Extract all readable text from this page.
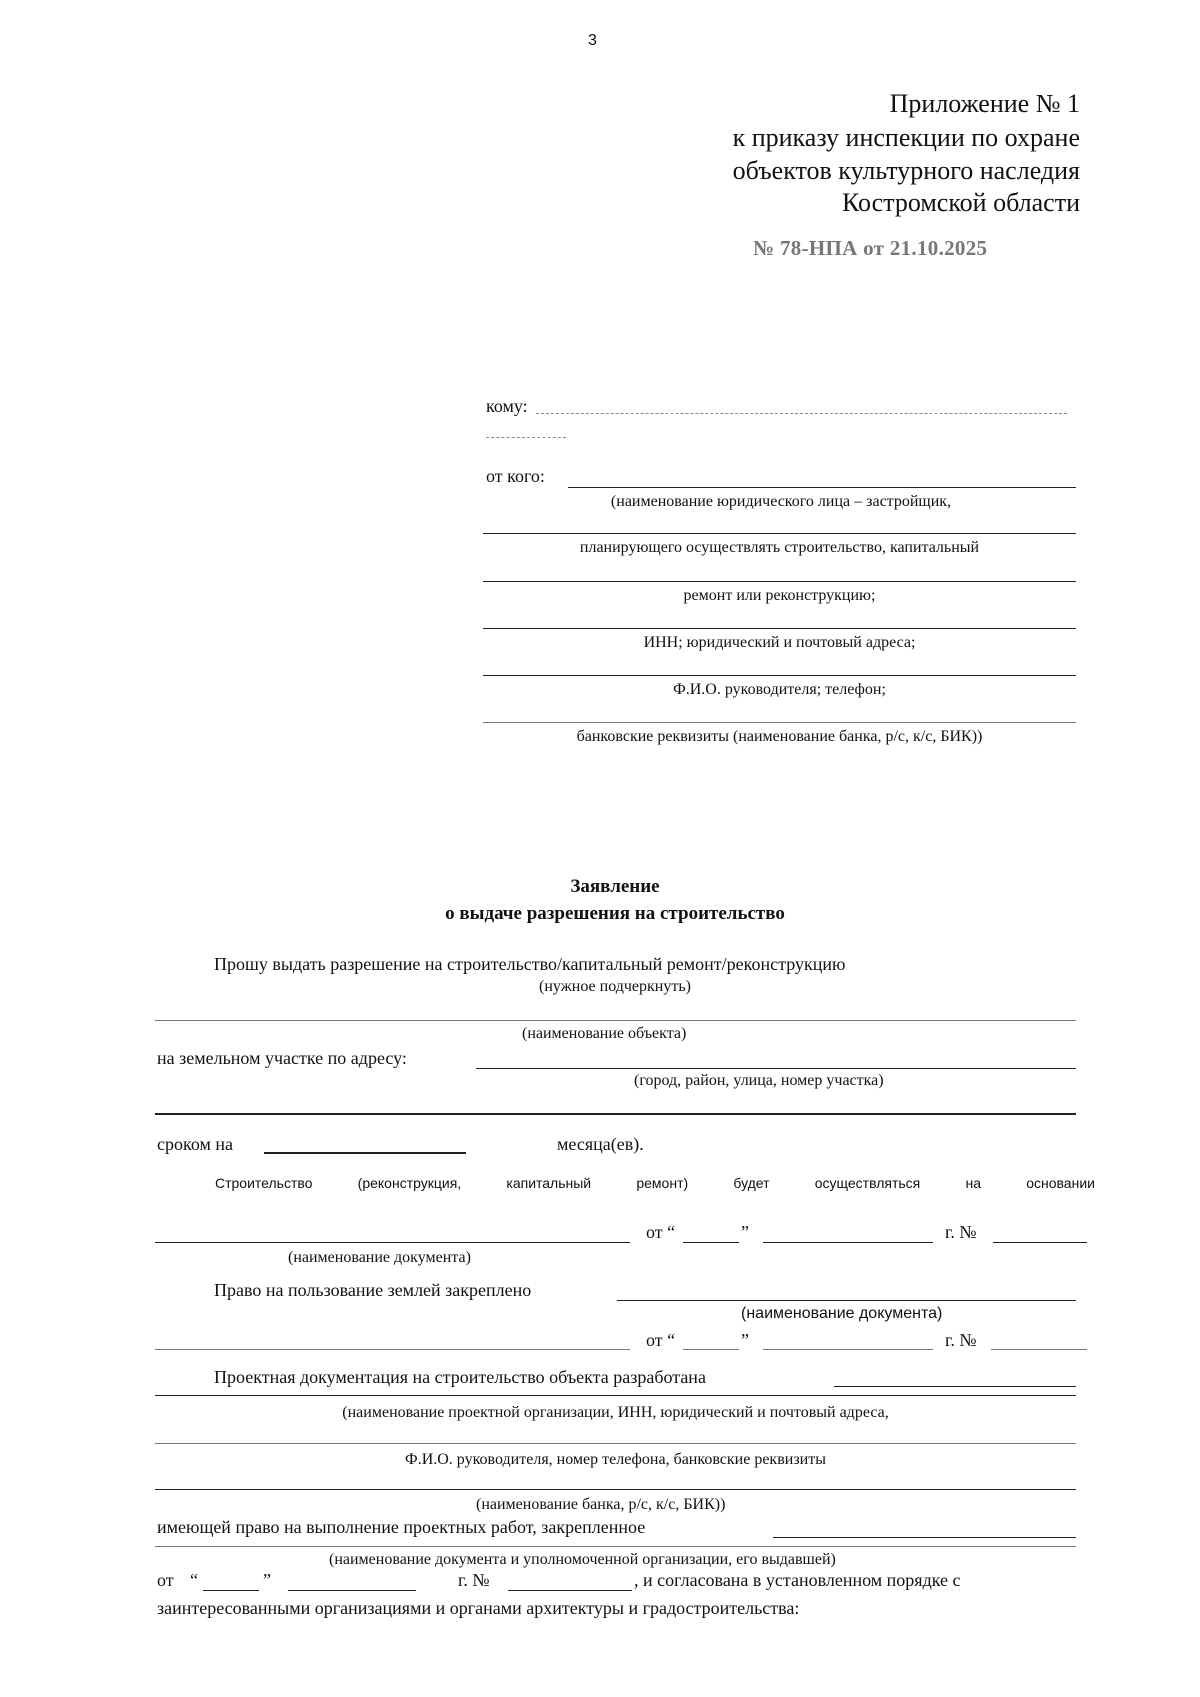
3
Приложение № 1
к приказу инспекции по охране
объектов культурного наследия
Костромской области
№ 78-НПА от 21.10.2025
кому:
от кого:
(наименование юридического лица – застройщик,
планирующего осуществлять строительство, капитальный
ремонт или реконструкцию;
ИНН; юридический и почтовый адреса;
Ф.И.О. руководителя; телефон;
банковские реквизиты (наименование банка, р/с, к/с, БИК))
Заявление
о выдаче разрешения на строительство
Прошу выдать разрешение на строительство/капитальный ремонт/реконструкцию
(нужное подчеркнуть)
(наименование объекта)
на земельном участке по адресу:
(город, район, улица, номер участка)
сроком на	месяца(ев).
Строительство	(реконструкция,	капитальный	ремонт)	будет	осуществляться	на	основании
от “	”	г. №
(наименование документа)
Право на пользование землей закреплено
(наименование документа)
от “	”	г. №
Проектная документация на строительство объекта разработана
(наименование проектной организации, ИНН, юридический и почтовый адреса,
Ф.И.О. руководителя, номер телефона, банковские реквизиты
(наименование банка, р/с, к/с, БИК))
имеющей право на выполнение проектных работ, закрепленное
(наименование документа и уполномоченной организации, его выдавшей)
от “	”	г. №	, и согласована в установленном порядке с
заинтересованными организациями и органами архитектуры и градостроительства:
